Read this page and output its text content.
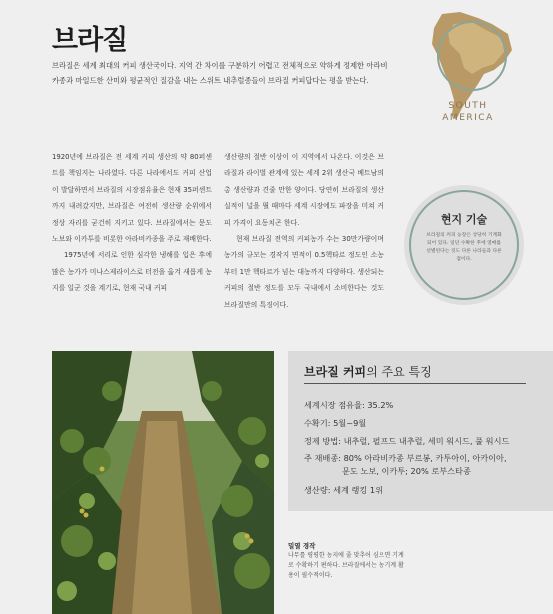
브라질

브라질은 세계 최대의 커피 생산국이다. 지역 간 차이를 구분하기 어렵고 전체적으로 약하게 정제한 아라비카종과 마일드한 산미와 평균적인 질감을 내는 스위트 내추럴종들이 브라질 커피답다는 평을 받는다.

1920년에 브라질은 전 세계 커피 생산의 약 80퍼센트를 책임지는 나라였다. 다른 나라에서도 커피 산업이 발달하면서 브라질의 시장점유율은 현재 35퍼센트까지 내려갔지만, 브라질은 여전히 생산량 순위에서 정상 자리를 굳건히 지키고 있다. 브라질에서는 문도 노보와 이카투를 비롯한 아라비카종을 주로 재배한다.

1975년에 서리로 인한 심각한 냉해를 입은 후에 많은 농가가 미나스제라이스로 터전을 옮겨 새롭게 농지를 일군 것을 계기로, 현재 국내 커피

생산량의 절반 이상이 이 지역에서 나온다. 이것은 브라질과 라이벌 관계에 있는 세계 2위 생산국 베트남의 총 생산량과 견줄 만한 양이다. 당연히 브라질의 생산 실적이 널을 뛸 때마다 세계 시장에도 파장을 미쳐 커피 가격이 요동치곤 한다.

현재 브라질 전역의 커피농가 수는 30만가량이며 농가의 규모는 경작지 면적이 0.5헥타르 정도인 소농부터 1만 헥타르가 넘는 대농까지 다양하다. 생산되는 커피의 절반 정도를 모두 국내에서 소비한다는 것도 브라질만의 특징이다.

SOUTH
AMERICA
현지 기술
브라질의 커피 농장은 상당히 기계화되어 있다. 일단 수확한 후에 열매를 선별된다는 것도 다른 나라들과 다른 점이다.
브라질 커피의 주요 특징
세계시장 점유율: 35.2%
수확기: 5월~9월
정제 방법: 내추럴, 펄프드 내추럴, 세미 워시드, 풀 워시드
주 재배종: 80% 아라비카종 부르봉, 카투아이, 아카이아,
문도 노보, 이카투; 20% 로부스타종
생산량: 세계 랭킹 1위
밀열 경작
나무를 평평한 농지에 줄 맞추어 심으면 기계로 수확하기 편하다. 브라질에서는 농기계 활용이 필수적이다.
